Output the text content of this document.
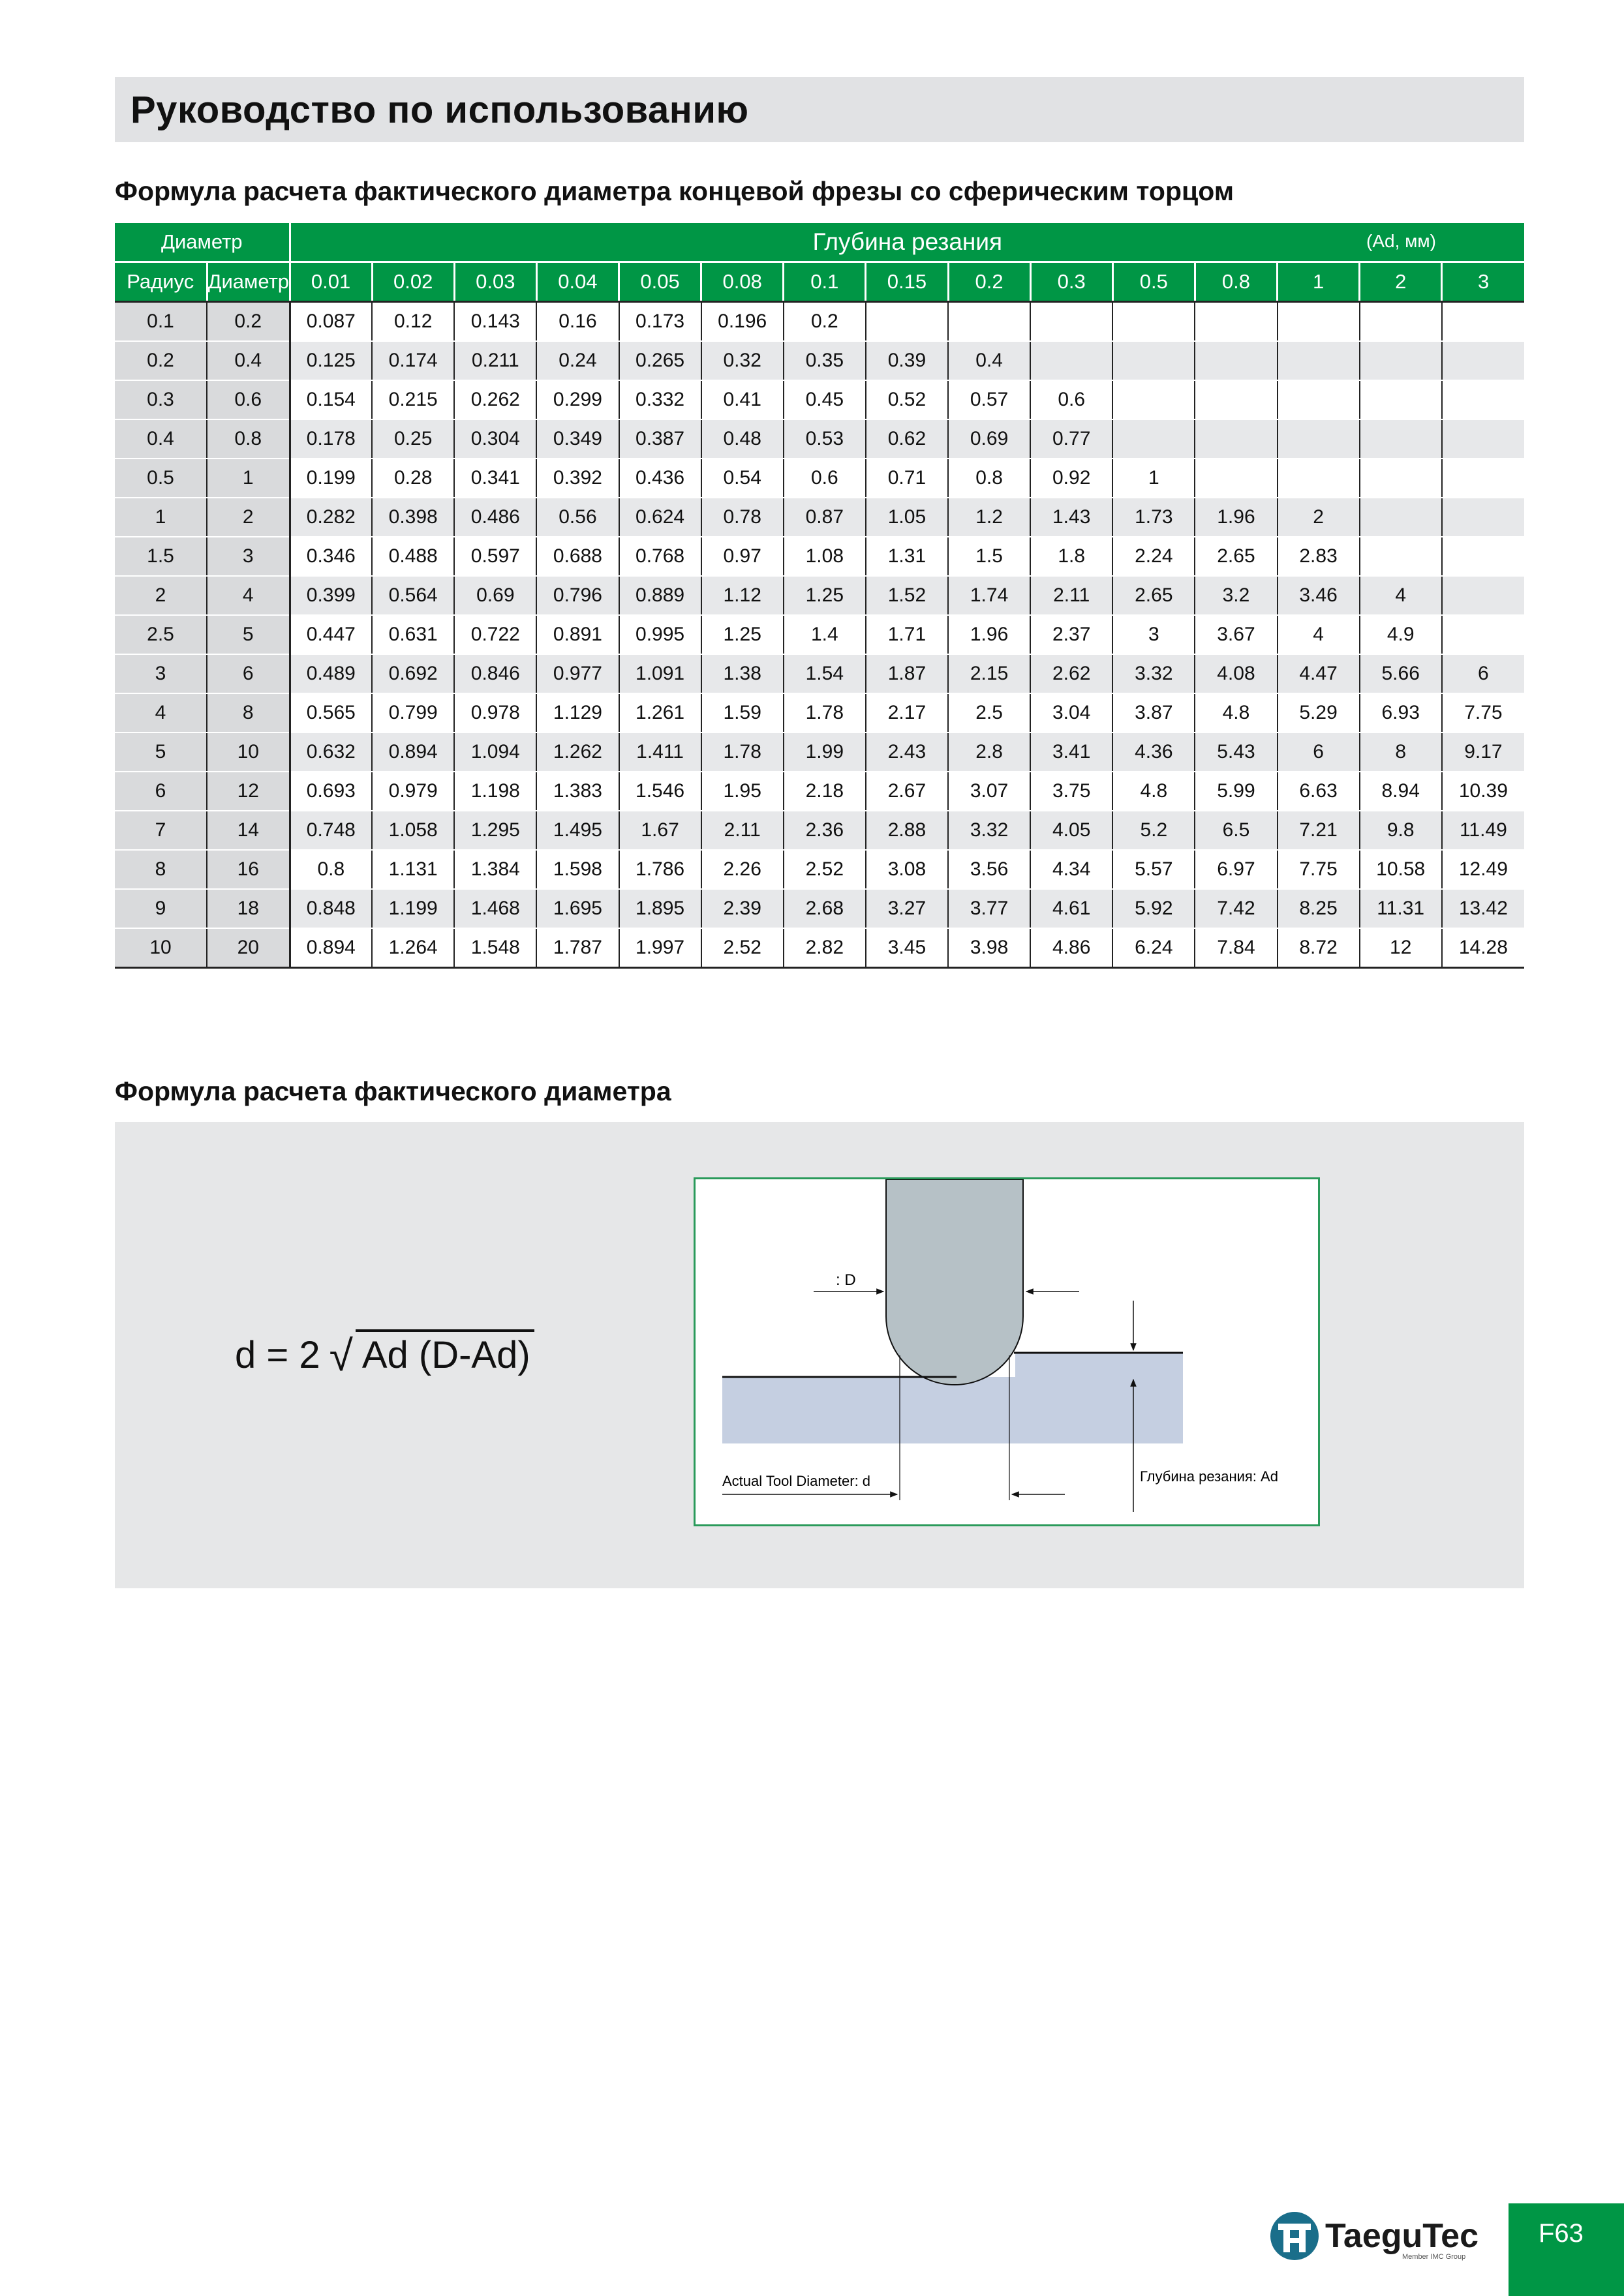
Руководство по использованию
Формула расчета фактического диаметра концевой фрезы со сферическим торцом
Диаметр		Глубина резания (Ad, мм)														

Радиус	Диаметр	0.01	0.02	0.03	0.04	0.05	0.08	0.1	0.15	0.2	0.3	0.5	0.8	1	2	3
0.1	0.2	0.087	0.12	0.143	0.16	0.173	0.196	0.2								
0.2	0.4	0.125	0.174	0.211	0.24	0.265	0.32	0.35	0.39	0.4						
0.3	0.6	0.154	0.215	0.262	0.299	0.332	0.41	0.45	0.52	0.57	0.6					
0.4	0.8	0.178	0.25	0.304	0.349	0.387	0.48	0.53	0.62	0.69	0.77					
0.5	1	0.199	0.28	0.341	0.392	0.436	0.54	0.6	0.71	0.8	0.92	1				
1	2	0.282	0.398	0.486	0.56	0.624	0.78	0.87	1.05	1.2	1.43	1.73	1.96	2		
1.5	3	0.346	0.488	0.597	0.688	0.768	0.97	1.08	1.31	1.5	1.8	2.24	2.65	2.83		
2	4	0.399	0.564	0.69	0.796	0.889	1.12	1.25	1.52	1.74	2.11	2.65	3.2	3.46	4	
2.5	5	0.447	0.631	0.722	0.891	0.995	1.25	1.4	1.71	1.96	2.37	3	3.67	4	4.9	
3	6	0.489	0.692	0.846	0.977	1.091	1.38	1.54	1.87	2.15	2.62	3.32	4.08	4.47	5.66	6
4	8	0.565	0.799	0.978	1.129	1.261	1.59	1.78	2.17	2.5	3.04	3.87	4.8	5.29	6.93	7.75
5	10	0.632	0.894	1.094	1.262	1.411	1.78	1.99	2.43	2.8	3.41	4.36	5.43	6	8	9.17
6	12	0.693	0.979	1.198	1.383	1.546	1.95	2.18	2.67	3.07	3.75	4.8	5.99	6.63	8.94	10.39
7	14	0.748	1.058	1.295	1.495	1.67	2.11	2.36	2.88	3.32	4.05	5.2	6.5	7.21	9.8	11.49
8	16	0.8	1.131	1.384	1.598	1.786	2.26	2.52	3.08	3.56	4.34	5.57	6.97	7.75	10.58	12.49
9	18	0.848	1.199	1.468	1.695	1.895	2.39	2.68	3.27	3.77	4.61	5.92	7.42	8.25	11.31	13.42
10	20	0.894	1.264	1.548	1.787	1.997	2.52	2.82	3.45	3.98	4.86	6.24	7.84	8.72	12	14.28
Формула расчета фактического диаметра
d = 2 √ Ad (D-Ad)
: D
Глубина резания: Ad
Actual Tool Diameter: d
TaeguTec
Member IMC Group
F63
